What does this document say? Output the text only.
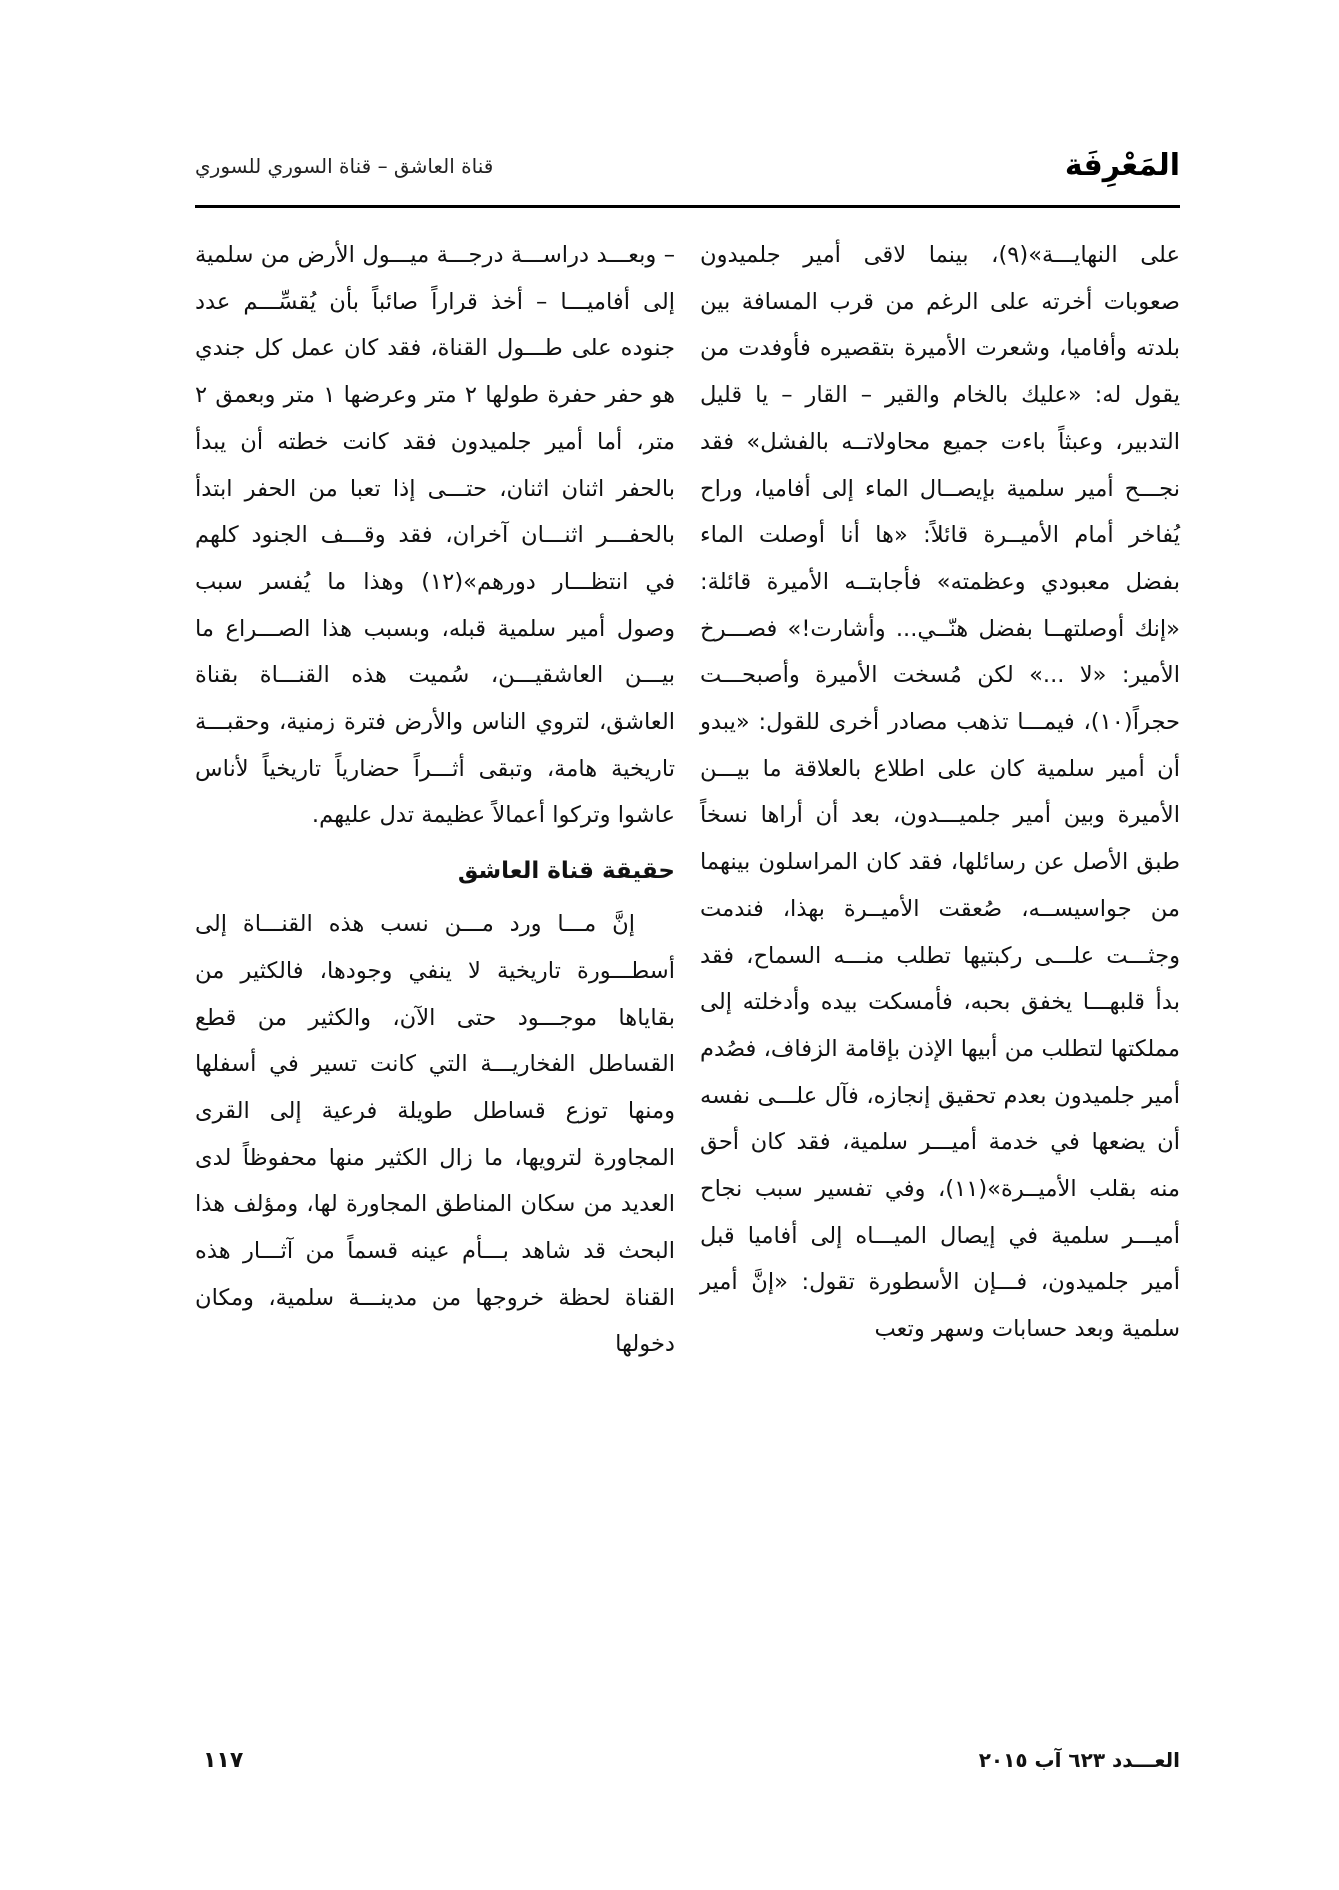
المَعْرِفَة
قناة العاشق – قناة السوري للسوري

على النهايـــة»(٩)، بينما لاقى أمير جلميدون صعوبات أخرته على الرغم من قرب المسافة بين بلدته وأفاميا، وشعرت الأميرة بتقصيره فأوفدت من يقول له: «عليك بالخام والقير – القار – يا قليل التدبير، وعبثاً باءت جميع محاولاتــه بالفشل» فقد نجـــح أمير سلمية بإيصــال الماء إلى أفاميا، وراح يُفاخر أمام الأميــرة قائلاً: «ها أنا أوصلت الماء بفضل معبودي وعظمته» فأجابتــه الأميرة قائلة: «إنك أوصلتهــا بفضل هنّــي... وأشارت!» فصـــرخ الأمير: «لا ...» لكن مُسخت الأميرة وأصبحـــت حجراً(١٠)، فيمـــا تذهب مصادر أخرى للقول: «يبدو أن أمير سلمية كان على اطلاع بالعلاقة ما بيـــن الأميرة وبين أمير جلميـــدون، بعد أن أراها نسخاً طبق الأصل عن رسائلها، فقد كان المراسلون بينهما من جواسيســه، صُعقت الأميــرة بهذا، فندمت وجثـــت علـــى ركبتيها تطلب منـــه السماح، فقد بدأ قلبهـــا يخفق بحبه، فأمسكت بيده وأدخلته إلى مملكتها لتطلب من أبيها الإذن بإقامة الزفاف، فصُدم أمير جلميدون بعدم تحقيق إنجازه، فآل علـــى نفسه أن يضعها في خدمة أميـــر سلمية، فقد كان أحق منه بقلب الأميــرة»(١١)، وفي تفسير سبب نجاح أميـــر سلمية في إيصال الميـــاه إلى أفاميا قبل أمير جلميدون، فـــإن الأسطورة تقول: «إنَّ أمير سلمية وبعد حسابات وسهر وتعب

– وبعـــد دراســـة درجـــة ميـــول الأرض من سلمية إلى أفاميـــا – أخذ قراراً صائباً بأن يُقسِّـــم عدد جنوده على طـــول القناة، فقد كان عمل كل جندي هو حفر حفرة طولها ٢ متر وعرضها ١ متر وبعمق ٢ متر، أما أمير جلميدون فقد كانت خطته أن يبدأ بالحفر اثنان اثنان، حتـــى إذا تعبا من الحفر ابتدأ بالحفـــر اثنـــان آخران، فقد وقـــف الجنود كلهم في انتظـــار دورهم»(١٢) وهذا ما يُفسر سبب وصول أمير سلمية قبله، وبسبب هذا الصـــراع ما بيـــن العاشقيـــن، سُميت هذه القنـــاة بقناة العاشق، لتروي الناس والأرض فترة زمنية، وحقبـــة تاريخية هامة، وتبقى أثـــراً حضارياً تاريخياً لأناس عاشوا وتركوا أعمالاً عظيمة تدل عليهم.

حقيقة قناة العاشق

إنَّ مـــا ورد مـــن نسب هذه القنـــاة إلى أسطـــورة تاريخية لا ينفي وجودها، فالكثير من بقاياها موجـــود حتى الآن، والكثير من قطع القساطل الفخاريـــة التي كانت تسير في أسفلها ومنها توزع قساطل طويلة فرعية إلى القرى المجاورة لترويها، ما زال الكثير منها محفوظاً لدى العديد من سكان المناطق المجاورة لها، ومؤلف هذا البحث قد شاهد بـــأم عينه قسماً من آثـــار هذه القناة لحظة خروجها من مدينـــة سلمية، ومكان دخولها

العـــدد ٦٢٣ آب ٢٠١٥
١١٧
